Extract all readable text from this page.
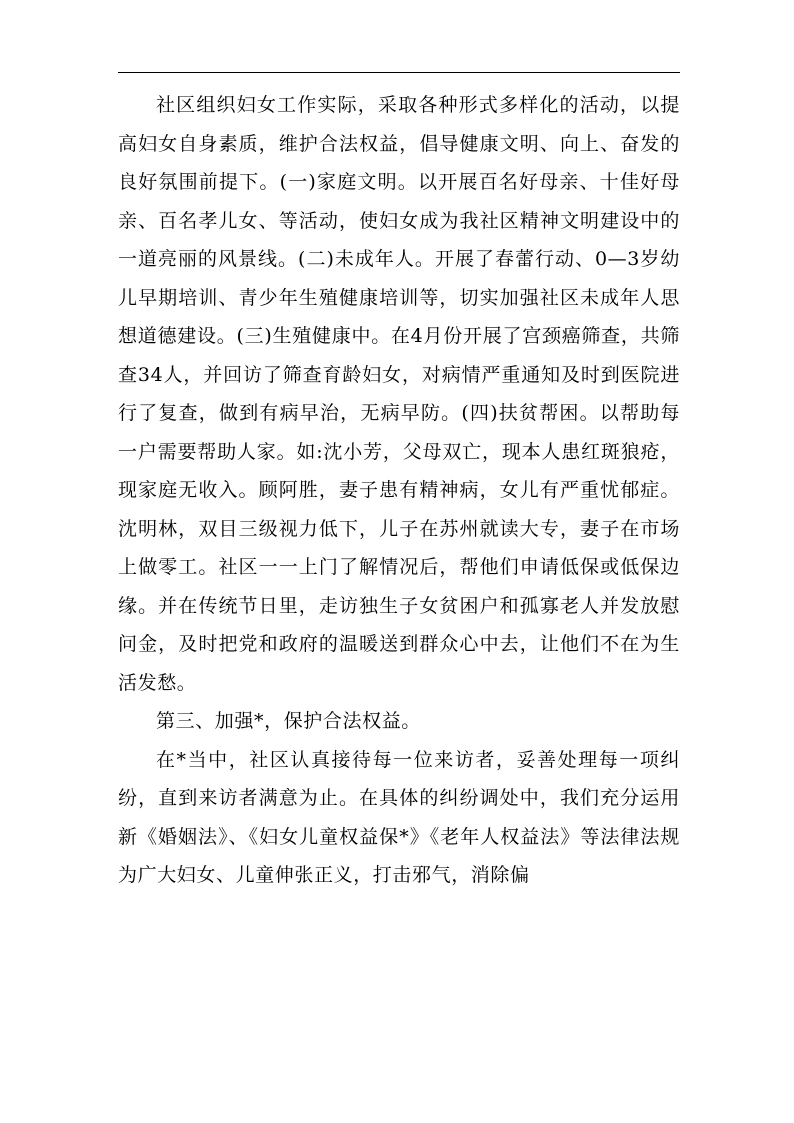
社区组织妇女工作实际，采取各种形式多样化的活动，以提高妇女自身素质，维护合法权益，倡导健康文明、向上、奋发的良好氛围前提下。(一)家庭文明。以开展百名好母亲、十佳好母亲、百名孝儿女、等活动，使妇女成为我社区精神文明建设中的一道亮丽的风景线。(二)未成年人。开展了春蕾行动、0—3岁幼儿早期培训、青少年生殖健康培训等，切实加强社区未成年人思想道德建设。(三)生殖健康中。在4月份开展了宫颈癌筛查，共筛查34人，并回访了筛查育龄妇女，对病情严重通知及时到医院进行了复查，做到有病早治，无病早防。(四)扶贫帮困。以帮助每一户需要帮助人家。如:沈小芳，父母双亡，现本人患红斑狼疮，现家庭无收入。顾阿胜，妻子患有精神病，女儿有严重忧郁症。沈明林，双目三级视力低下，儿子在苏州就读大专，妻子在市场上做零工。社区一一上门了解情况后，帮他们申请低保或低保边缘。并在传统节日里，走访独生子女贫困户和孤寡老人并发放慰问金，及时把党和政府的温暖送到群众心中去，让他们不在为生活发愁。

第三、加强*，保护合法权益。

在*当中，社区认真接待每一位来访者，妥善处理每一项纠纷，直到来访者满意为止。在具体的纠纷调处中，我们充分运用新《婚姻法》、《妇女儿童权益保*》《老年人权益法》等法律法规为广大妇女、儿童伸张正义，打击邪气，消除偏
